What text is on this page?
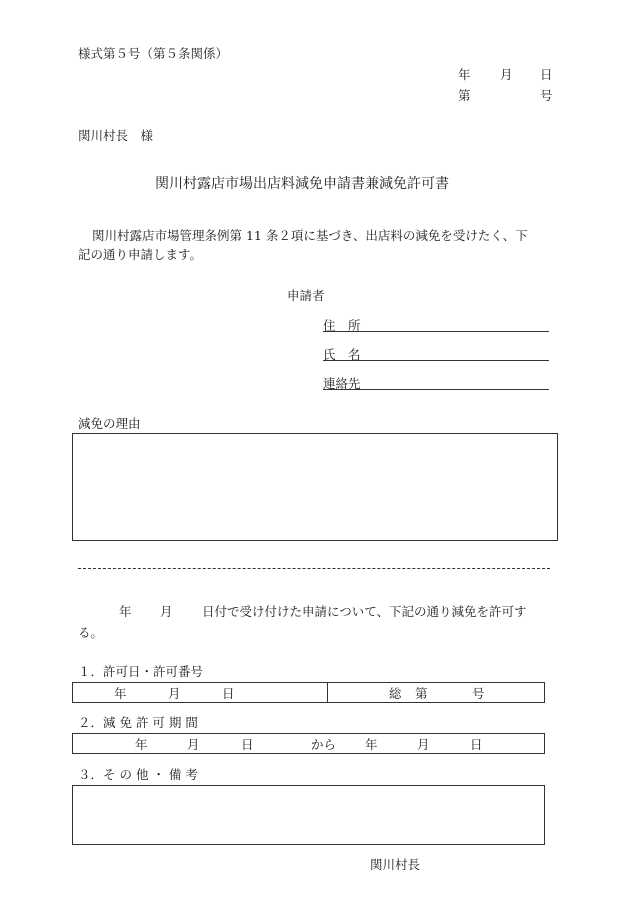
様式第５号（第５条関係）
年 月 日
第	号
関川村長　様
関川村露店市場出店料減免申請書兼減免許可書
関川村露店市場管理条例第 11 条２項に基づき、出店料の減免を受けたく、下
記の通り申請します。
申請者
住　所
氏　名
連絡先
減免の理由
年 月 日付で受け付けた申請について、下記の通り減免を許可す
る。
１．許可日・許可番号
年	月	日	総 第	号
２．減 免 許 可 期 間
年	月	日	から 年	月	日
３．そ の 他 ・ 備 考
関川村長
